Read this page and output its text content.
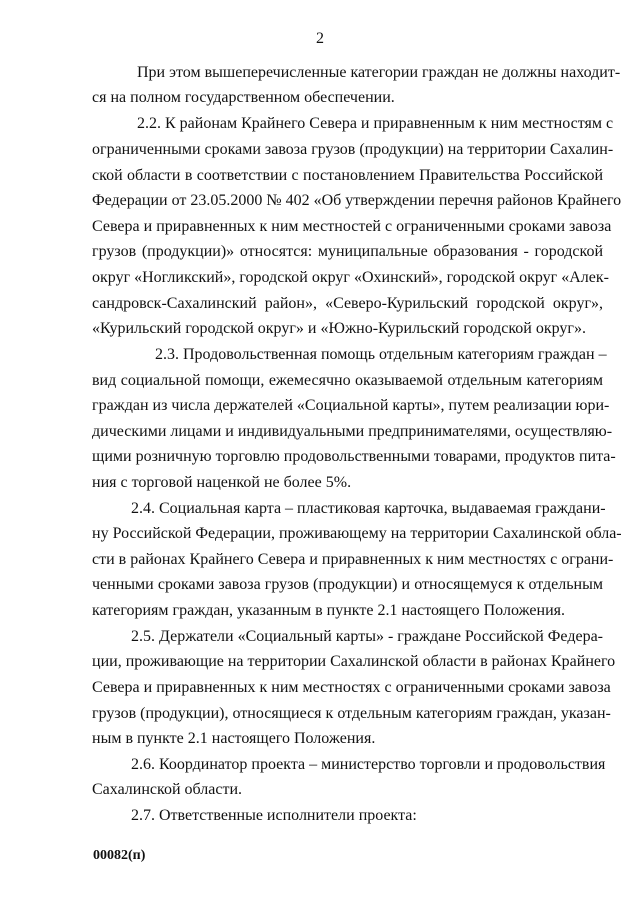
2
При этом вышеперечисленные категории граждан не должны находит-
ся на полном государственном обеспечении.
2.2. К районам Крайнего Севера и приравненным к ним местностям с
ограниченными сроками завоза грузов (продукции) на территории Сахалин-
ской области в соответствии с постановлением Правительства Российской
Федерации от 23.05.2000 № 402 «Об утверждении перечня районов Крайнего
Севера и приравненных к ним местностей с ограниченными сроками завоза
грузов (продукции)» относятся: муниципальные образования - городской
округ «Ногликский», городской округ «Охинский», городской округ «Алек-
сандровск-Сахалинский район», «Северо-Курильский городской округ»,
«Курильский городской округ» и «Южно-Курильский городской округ».
2.3. Продовольственная помощь отдельным категориям граждан –
вид социальной помощи, ежемесячно оказываемой отдельным категориям
граждан из числа держателей «Социальной карты», путем реализации юри-
дическими лицами и индивидуальными предпринимателями, осуществляю-
щими розничную торговлю продовольственными товарами, продуктов пита-
ния с торговой наценкой не более 5%.
2.4. Социальная карта – пластиковая карточка, выдаваемая граждани-
ну Российской Федерации, проживающему на территории Сахалинской обла-
сти в районах Крайнего Севера и приравненных к ним местностях с ограни-
ченными сроками завоза грузов (продукции) и относящемуся к отдельным
категориям граждан, указанным в пункте 2.1 настоящего Положения.
2.5. Держатели «Социальный карты» - граждане Российской Федера-
ции, проживающие на территории Сахалинской области в районах Крайнего
Севера и приравненных к ним местностях с ограниченными сроками завоза
грузов (продукции), относящиеся к отдельным категориям граждан, указан-
ным в пункте 2.1 настоящего Положения.
2.6. Координатор проекта – министерство торговли и продовольствия
Сахалинской области.
2.7. Ответственные исполнители проекта:
00082(п)
